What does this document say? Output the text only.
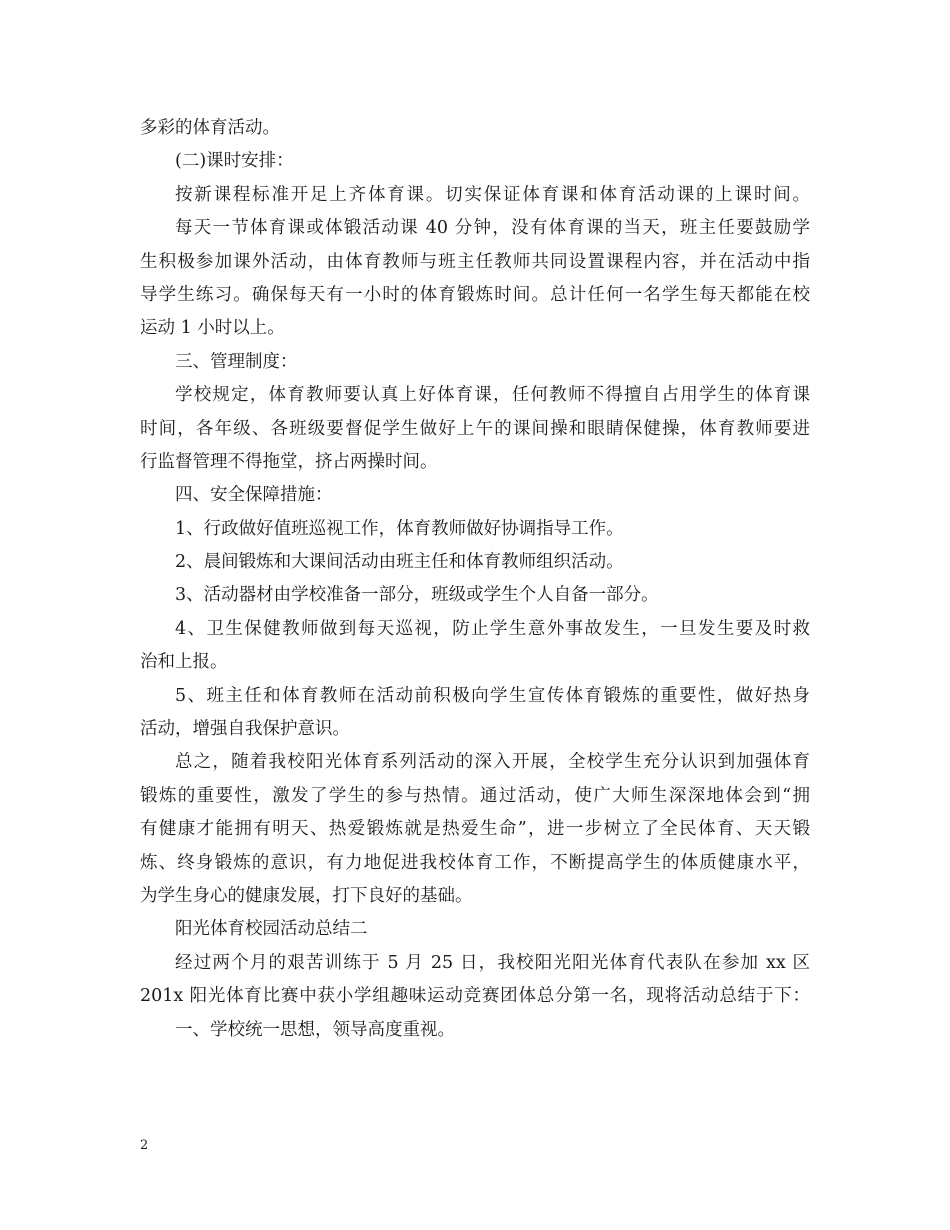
多彩的体育活动。
(二)课时安排：
按新课程标准开足上齐体育课。切实保证体育课和体育活动课的上课时间。
每天一节体育课或体锻活动课 40 分钟，没有体育课的当天，班主任要鼓励学
生积极参加课外活动，由体育教师与班主任教师共同设置课程内容，并在活动中指
导学生练习。确保每天有一小时的体育锻炼时间。总计任何一名学生每天都能在校
运动 1 小时以上。
三、管理制度：
学校规定，体育教师要认真上好体育课，任何教师不得擅自占用学生的体育课
时间，各年级、各班级要督促学生做好上午的课间操和眼睛保健操，体育教师要进
行监督管理不得拖堂，挤占两操时间。
四、安全保障措施：
1、行政做好值班巡视工作，体育教师做好协调指导工作。
2、晨间锻炼和大课间活动由班主任和体育教师组织活动。
3、活动器材由学校准备一部分，班级或学生个人自备一部分。
4、卫生保健教师做到每天巡视，防止学生意外事故发生，一旦发生要及时救
治和上报。
5、班主任和体育教师在活动前积极向学生宣传体育锻炼的重要性，做好热身
活动，增强自我保护意识。
总之，随着我校阳光体育系列活动的深入开展，全校学生充分认识到加强体育
锻炼的重要性，激发了学生的参与热情。通过活动，使广大师生深深地体会到“拥
有健康才能拥有明天、热爱锻炼就是热爱生命”，进一步树立了全民体育、天天锻
炼、终身锻炼的意识，有力地促进我校体育工作，不断提高学生的体质健康水平，
为学生身心的健康发展，打下良好的基础。
阳光体育校园活动总结二
经过两个月的艰苦训练于 5 月 25 日，我校阳光阳光体育代表队在参加 xx 区
201x 阳光体育比赛中获小学组趣味运动竞赛团体总分第一名，现将活动总结于下：
一、学校统一思想，领导高度重视。
2
